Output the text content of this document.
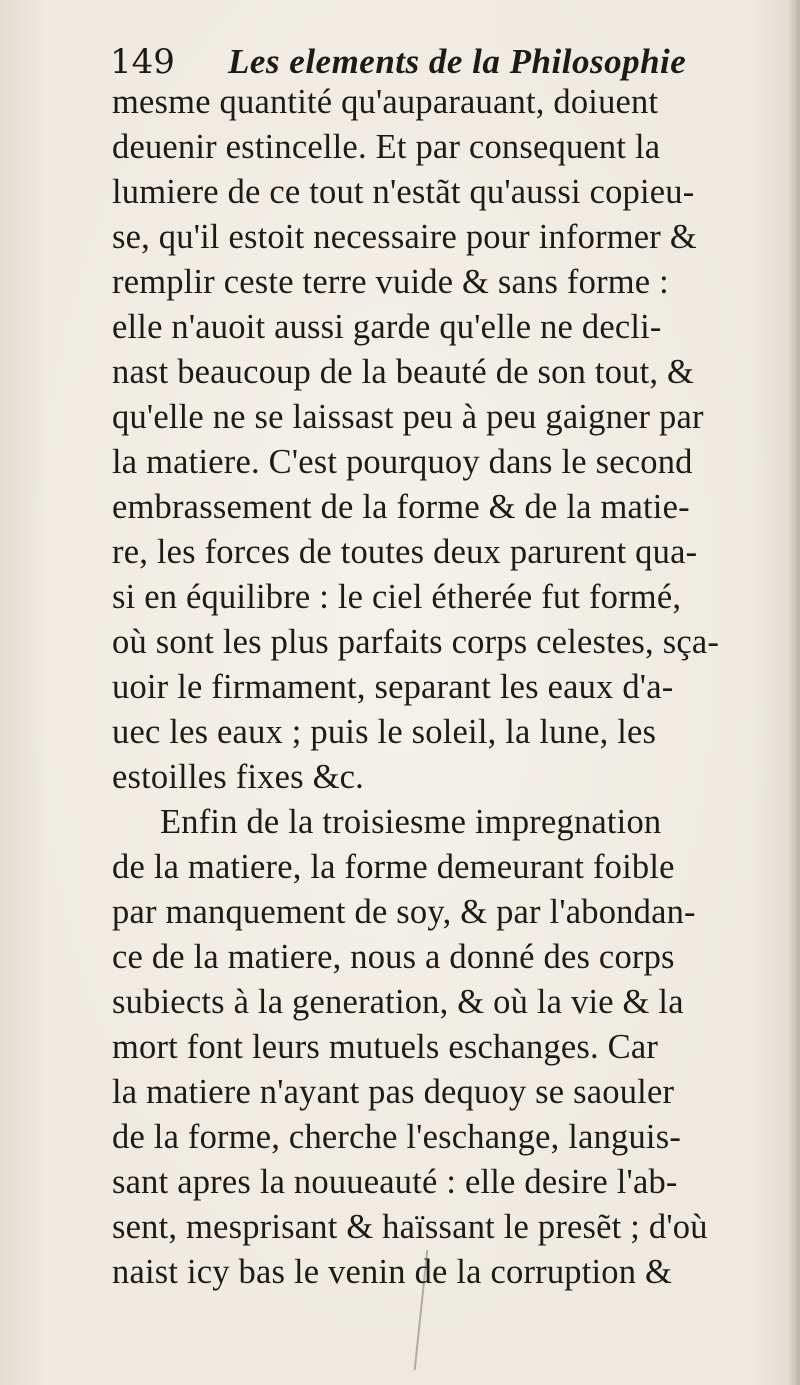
149 Les elements de la Philosophie
mesme quantité qu'auparauant, doiuent
deuenir estincelle. Et par consequent la
lumiere de ce tout n'estãt qu'aussi copieu-
se, qu'il estoit necessaire pour informer &
remplir ceste terre vuide & sans forme :
elle n'auoit aussi garde qu'elle ne decli-
nast beaucoup de la beauté de son tout, &
qu'elle ne se laissast peu à peu gaigner par
la matiere. C'est pourquoy dans le second
embrassement de la forme & de la matie-
re, les forces de toutes deux parurent qua-
si en équilibre : le ciel étherée fut formé,
où sont les plus parfaits corps celestes, sça-
uoir le firmament, separant les eaux d'a-
uec les eaux ; puis le soleil, la lune, les
estoilles fixes &c.
Enfin de la troisiesme impregnation
de la matiere, la forme demeurant foible
par manquement de soy, & par l'abondan-
ce de la matiere, nous a donné des corps
subiects à la generation, & où la vie & la
mort font leurs mutuels eschanges. Car
la matiere n'ayant pas dequoy se saouler
de la forme, cherche l'eschange, languis-
sant apres la nouueauté : elle desire l'ab-
sent, mesprisant & haïssant le presẽt ; d'où
naist icy bas le venin de la corruption &
